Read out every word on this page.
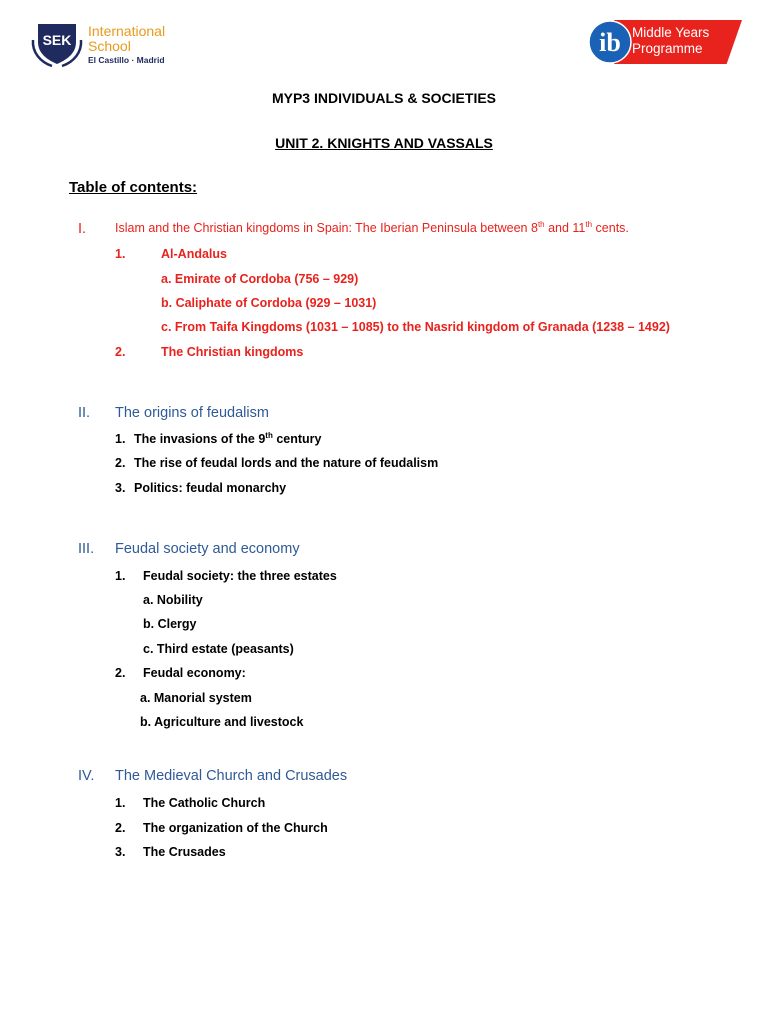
SEK
International
School
El Castillo · Madrid
ib Middle Years
Programme
MYP3 INDIVIDUALS & SOCIETIES
UNIT 2. KNIGHTS AND VASSALS
Table of contents:
I. Islam and the Christian kingdoms in Spain: The Iberian Peninsula between 8th and 11th cents.
1.	Al-Andalus
a. Emirate of Cordoba (756 – 929)
b. Caliphate of Cordoba (929 – 1031)
c. From Taifa Kingdoms (1031 – 1085) to the Nasrid kingdom of Granada (1238 – 1492)
2.	The Christian kingdoms
II. The origins of feudalism
1. The invasions of the 9th century
2. The rise of feudal lords and the nature of feudalism
3. Politics: feudal monarchy
III. Feudal society and economy
1. Feudal society: the three estates
a. Nobility
b. Clergy
c. Third estate (peasants)
2. Feudal economy:
a. Manorial system
b. Agriculture and livestock
IV. The Medieval Church and Crusades
1. The Catholic Church
2. The organization of the Church
3. The Crusades
